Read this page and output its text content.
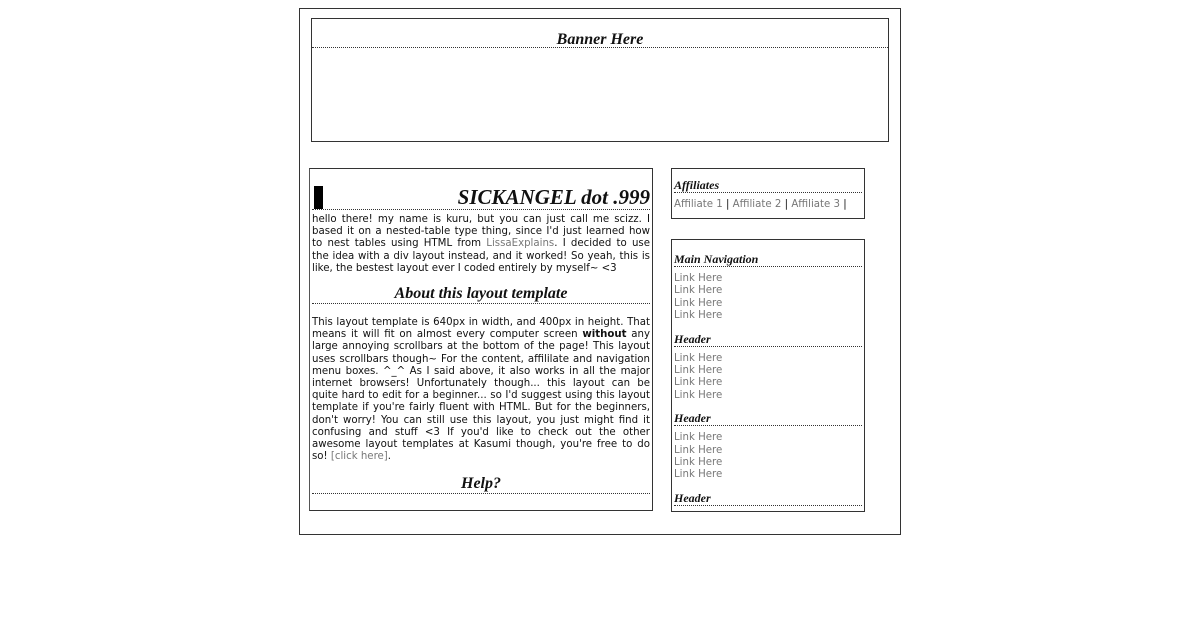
Banner Here
SICKANGEL dot .999

hello there! my name is kuru, but you can just call me scizz. I based it on a nested-table type thing, since I'd just learned how to nest tables using HTML from LissaExplains. I decided to use the idea with a div layout instead, and it worked! So yeah, this is like, the bestest layout ever I coded entirely by myself~ <3

About this layout template

This layout template is 640px in width, and 400px in height. That means it will fit on almost every computer screen without any large annoying scrollbars at the bottom of the page! This layout uses scrollbars though~ For the content, affililate and navigation menu boxes. ^_^ As I said above, it also works in all the major internet browsers! Unfortunately though... this layout can be quite hard to edit for a beginner... so I'd suggest using this layout template if you're fairly fluent with HTML. But for the beginners, don't worry! You can still use this layout, you just might find it confusing and stuff <3 If you'd like to check out the other awesome layout templates at Kasumi though, you're free to do so! [click here].

Help?
Affiliates
Affiliate 1 | Affiliate 2 | Affiliate 3 |
Main Navigation
Link Here
Link Here
Link Here
Link Here
Header
Link Here
Link Here
Link Here
Link Here
Header
Link Here
Link Here
Link Here
Link Here
Header
